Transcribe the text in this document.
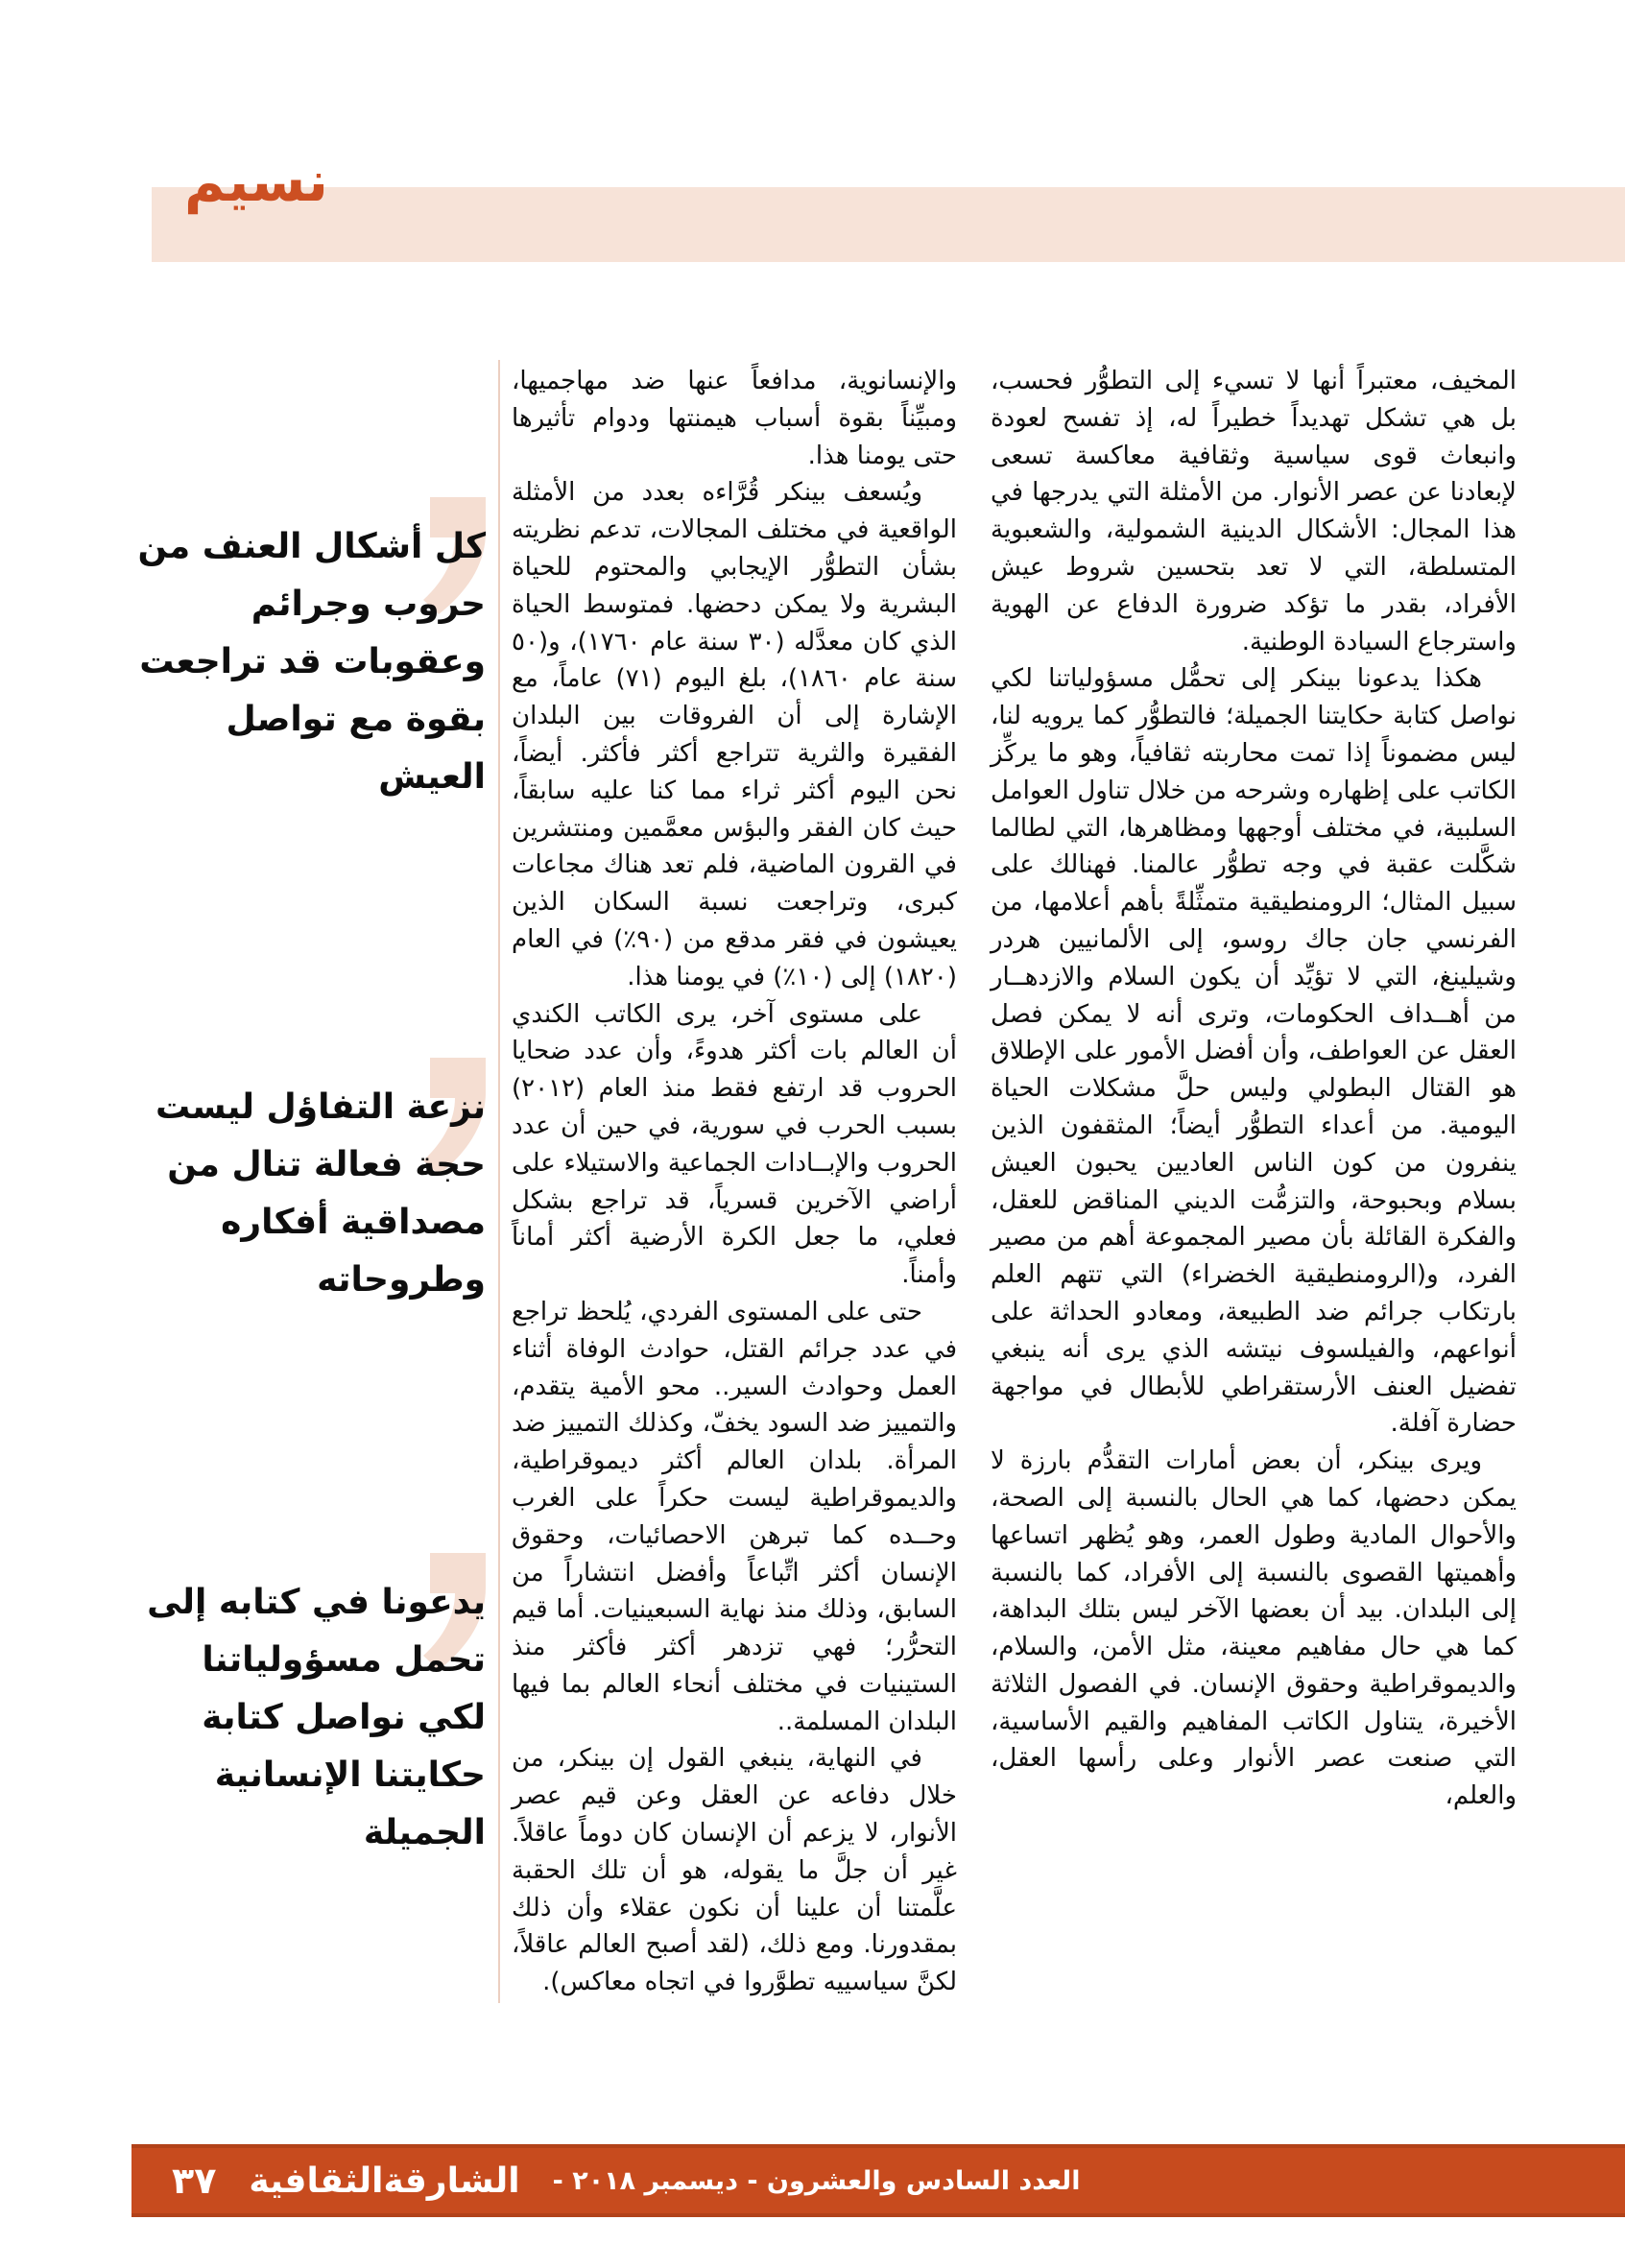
نسيم

كل أشكال العنف من حروب وجرائم وعقوبات قد تراجعت بقوة مع تواصل العيش

نزعة التفاؤل ليست حجة فعالة تنال من مصداقية أفكاره وطروحاته

يدعونا في كتابه إلى تحمل مسؤولياتنا لكي نواصل كتابة حكايتنا الإنسانية الجميلة

والإنسانوية، مدافعاً عنها ضد مهاجميها، ومبيِّناً بقوة أسباب هيمنتها ودوام تأثيرها حتى يومنا هذا.

ويُسعف بينكر قُرَّاءه بعدد من الأمثلة الواقعية في مختلف المجالات، تدعم نظريته بشأن التطوُّر الإيجابي والمحتوم للحياة البشرية ولا يمكن دحضها. فمتوسط الحياة الذي كان معدَّله (٣٠ سنة عام ١٧٦٠)، و(٥٠ سنة عام ١٨٦٠)، بلغ اليوم (٧١) عاماً، مع الإشارة إلى أن الفروقات بين البلدان الفقيرة والثرية تتراجع أكثر فأكثر. أيضاً، نحن اليوم أكثر ثراء مما كنا عليه سابقاً، حيث كان الفقر والبؤس معمَّمين ومنتشرين في القرون الماضية، فلم تعد هناك مجاعات كبرى، وتراجعت نسبة السكان الذين يعيشون في فقر مدقع من (٩٠٪) في العام (١٨٢٠) إلى (١٠٪) في يومنا هذا.

على مستوى آخر، يرى الكاتب الكندي أن العالم بات أكثر هدوءً، وأن عدد ضحايا الحروب قد ارتفع فقط منذ العام (٢٠١٢) بسبب الحرب في سورية، في حين أن عدد الحروب والإبــادات الجماعية والاستيلاء على أراضي الآخرين قسرياً، قد تراجع بشكل فعلي، ما جعل الكرة الأرضية أكثر أماناً وأمناً.

حتى على المستوى الفردي، يُلحظ تراجع في عدد جرائم القتل، حوادث الوفاة أثناء العمل وحوادث السير.. محو الأمية يتقدم، والتمييز ضد السود يخفّ، وكذلك التمييز ضد المرأة. بلدان العالم أكثر ديموقراطية، والديموقراطية ليست حكراً على الغرب وحــده كما تبرهن الاحصائيات، وحقوق الإنسان أكثر اتِّباعاً وأفضل انتشاراً من السابق، وذلك منذ نهاية السبعينيات. أما قيم التحرُّر؛ فهي تزدهر أكثر فأكثر منذ الستينيات في مختلف أنحاء العالم بما فيها البلدان المسلمة..

في النهاية، ينبغي القول إن بينكر، من خلال دفاعه عن العقل وعن قيم عصر الأنوار، لا يزعم أن الإنسان كان دوماً عاقلاً. غير أن جلَّ ما يقوله، هو أن تلك الحقبة علَّمتنا أن علينا أن نكون عقلاء وأن ذلك بمقدورنا. ومع ذلك، (لقد أصبح العالم عاقلاً، لكنَّ سياسييه تطوَّروا في اتجاه معاكس).

المخيف، معتبراً أنها لا تسيء إلى التطوُّر فحسب، بل هي تشكل تهديداً خطيراً له، إذ تفسح لعودة وانبعاث قوى سياسية وثقافية معاكسة تسعى لإبعادنا عن عصر الأنوار. من الأمثلة التي يدرجها في هذا المجال: الأشكال الدينية الشمولية، والشعبوية المتسلطة، التي لا تعد بتحسين شروط عيش الأفراد، بقدر ما تؤكد ضرورة الدفاع عن الهوية واسترجاع السيادة الوطنية.

هكذا يدعونا بينكر إلى تحمُّل مسؤولياتنا لكي نواصل كتابة حكايتنا الجميلة؛ فالتطوُّر كما يرويه لنا، ليس مضموناً إذا تمت محاربته ثقافياً، وهو ما يركِّز الكاتب على إظهاره وشرحه من خلال تناول العوامل السلبية، في مختلف أوجهها ومظاهرها، التي لطالما شكَّلت عقبة في وجه تطوُّر عالمنا. فهنالك على سبيل المثال؛ الرومنطيقية متمثِّلةً بأهم أعلامها، من الفرنسي جان جاك روسو، إلى الألمانيين هردر وشيلينغ، التي لا تؤيِّد أن يكون السلام والازدهــار من أهــداف الحكومات، وترى أنه لا يمكن فصل العقل عن العواطف، وأن أفضل الأمور على الإطلاق هو القتال البطولي وليس حلَّ مشكلات الحياة اليومية. من أعداء التطوُّر أيضاً؛ المثقفون الذين ينفرون من كون الناس العاديين يحبون العيش بسلام وبحبوحة، والتزمُّت الديني المناقض للعقل، والفكرة القائلة بأن مصير المجموعة أهم من مصير الفرد، و(الرومنطيقية الخضراء) التي تتهم العلم بارتكاب جرائم ضد الطبيعة، ومعادو الحداثة على أنواعهم، والفيلسوف نيتشه الذي يرى أنه ينبغي تفضيل العنف الأرستقراطي للأبطال في مواجهة حضارة آفلة.

ويرى بينكر، أن بعض أمارات التقدُّم بارزة لا يمكن دحضها، كما هي الحال بالنسبة إلى الصحة، والأحوال المادية وطول العمر، وهو يُظهر اتساعها وأهميتها القصوى بالنسبة إلى الأفراد، كما بالنسبة إلى البلدان. بيد أن بعضها الآخر ليس بتلك البداهة، كما هي حال مفاهيم معينة، مثل الأمن، والسلام، والديموقراطية وحقوق الإنسان. في الفصول الثلاثة الأخيرة، يتناول الكاتب المفاهيم والقيم الأساسية، التي صنعت عصر الأنوار وعلى رأسها العقل، والعلم،

العدد السادس والعشرون - ديسمبر ٢٠١٨ -
الشارقةالثقافية
٣٧
